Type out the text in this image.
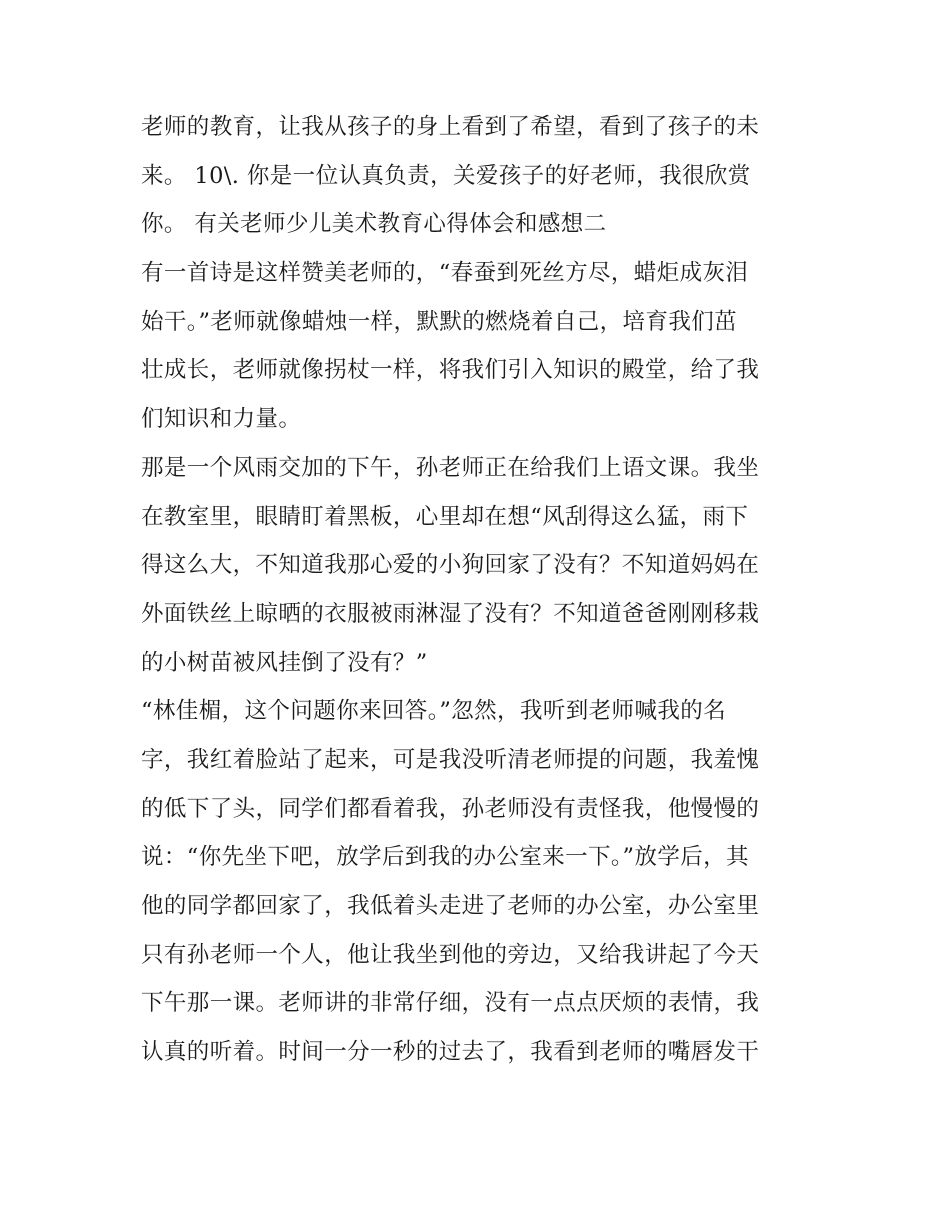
老师的教育，让我从孩子的身上看到了希望，看到了孩子的未
来。 10\. 你是一位认真负责，关爱孩子的好老师，我很欣赏
你。 有关老师少儿美术教育心得体会和感想二
有一首诗是这样赞美老师的，“春蚕到死丝方尽，蜡炬成灰泪
始干。”老师就像蜡烛一样，默默的燃烧着自己，培育我们茁
壮成长，老师就像拐杖一样，将我们引入知识的殿堂，给了我
们知识和力量。
那是一个风雨交加的下午，孙老师正在给我们上语文课。我坐
在教室里，眼睛盯着黑板，心里却在想“风刮得这么猛，雨下
得这么大，不知道我那心爱的小狗回家了没有？不知道妈妈在
外面铁丝上晾晒的衣服被雨淋湿了没有？不知道爸爸刚刚移栽
的小树苗被风挂倒了没有？”
“林佳楣，这个问题你来回答。”忽然，我听到老师喊我的名
字，我红着脸站了起来，可是我没听清老师提的问题，我羞愧
的低下了头，同学们都看着我，孙老师没有责怪我，他慢慢的
说：“你先坐下吧，放学后到我的办公室来一下。”放学后，其
他的同学都回家了，我低着头走进了老师的办公室，办公室里
只有孙老师一个人，他让我坐到他的旁边，又给我讲起了今天
下午那一课。老师讲的非常仔细，没有一点点厌烦的表情，我
认真的听着。时间一分一秒的过去了，我看到老师的嘴唇发干
